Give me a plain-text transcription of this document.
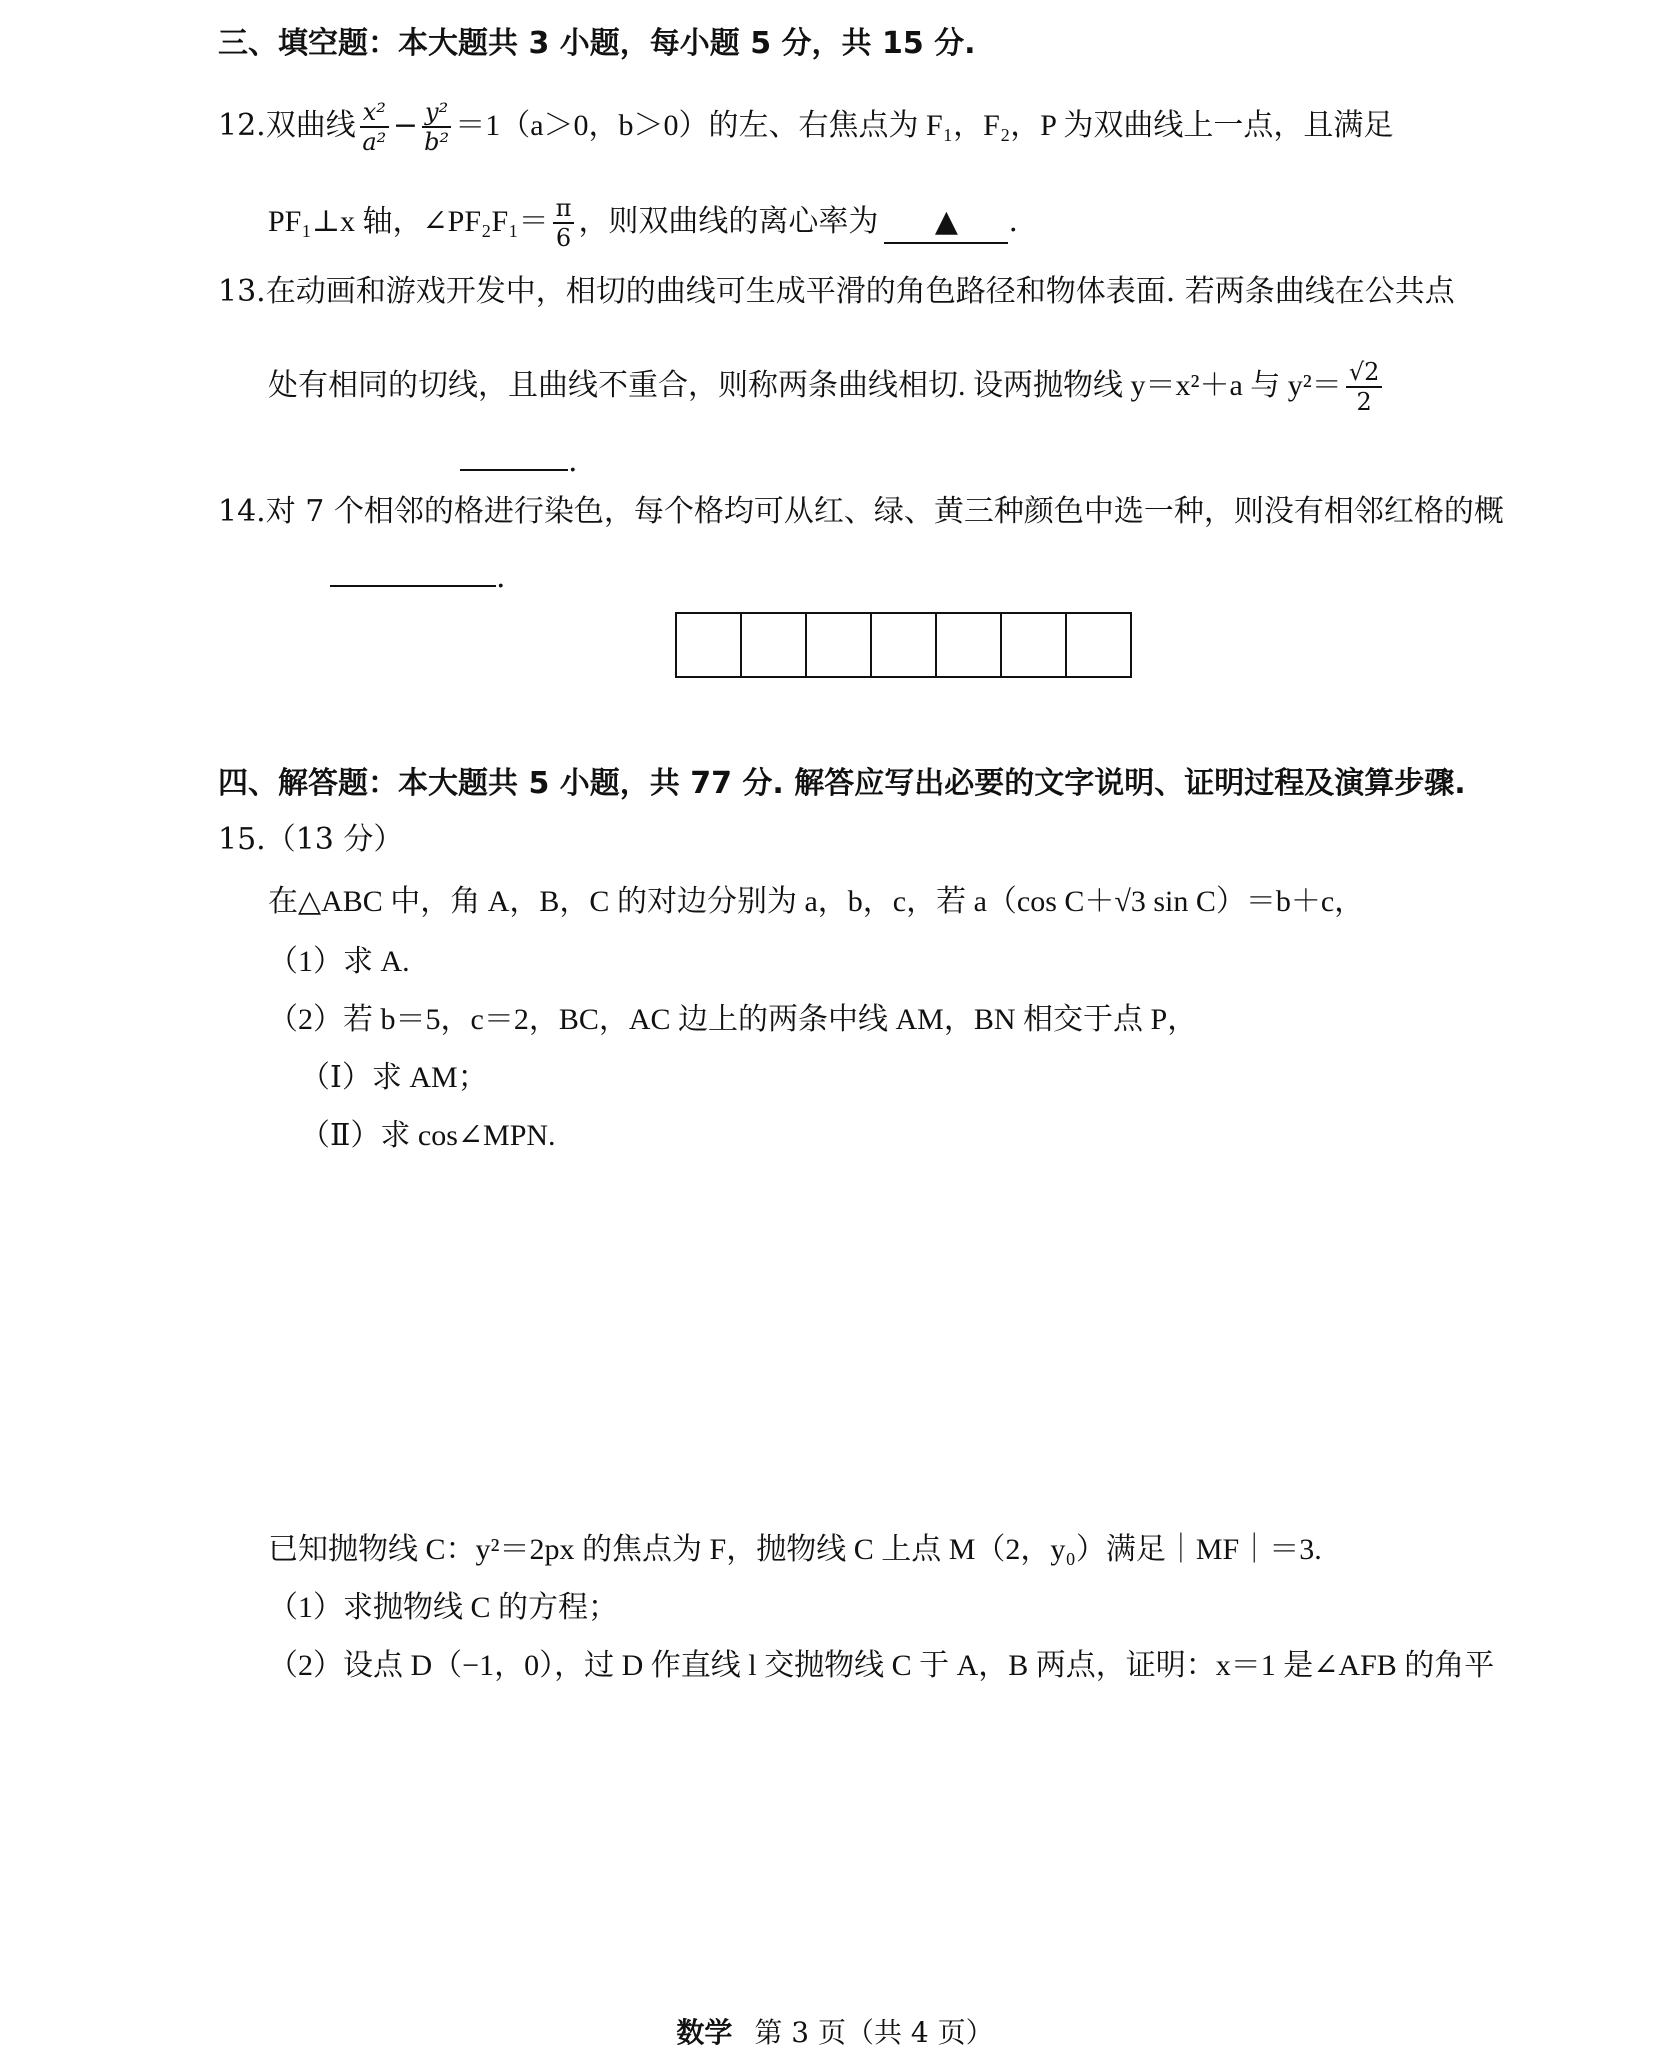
三、填空题：本大题共 3 小题，每小题 5 分，共 15 分.
12.双曲线 $\frac{\text{x²}}{\text{a²}} - \frac{\text{y²}}{\text{b²}} =1(a>0$，b＞0）的左、右焦点为 F₁，F₂，P 为双曲线上一点，且满足
PF₁⊥x 轴，∠PF₂F₁＝ $\frac{\pi}{6}$ ，则双曲线的离心率为 ▲ .
13.在动画和游戏开发中，相切的曲线可生成平滑的角色路径和物体表面. 若两条曲线在公共点
处有相同的切线，且曲线不重合，则称两条曲线相切. 设两抛物线 y＝x²＋a 与 $y^2= \frac{√2}{2}$
.
14.对 7 个相邻的格进行染色，每个格均可从红、绿、黄三种颜色中选一种，则没有相邻红格的概
.
四、解答题：本大题共 5 小题，共 77 分. 解答应写出必要的文字说明、证明过程及演算步骤.
15.（13 分）
在△ABC 中，角 A，B，C 的对边分别为 a，b，c，若 a（cos C＋√3 sin C）＝b＋c，
（1）求 A.
（2）若 b＝5，c＝2，BC，AC 边上的两条中线 AM，BN 相交于点 P，
（Ⅰ）求 AM；
（Ⅱ）求 cos∠MPN.
已知抛物线 C：y²＝2px 的焦点为 F，抛物线 C 上点 M（2，y₀）满足｜MF｜＝3.
（1）求抛物线 C 的方程；
（2）设点 D（−1，0），过 D 作直线 l 交抛物线 C 于 A，B 两点，证明：x＝1 是∠AFB 的角平
数学 第 3 页（共 4 页）
